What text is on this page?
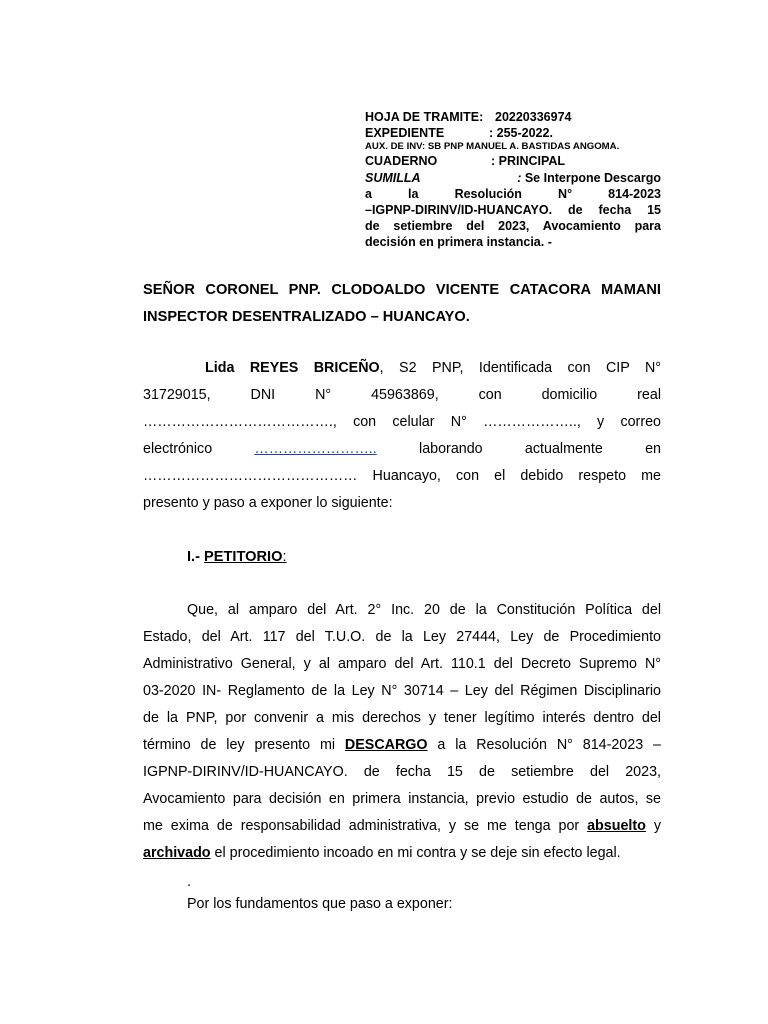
HOJA DE TRAMITE: 20220336974
EXPEDIENTE	: 255-2022.
AUX. DE INV: SB PNP MANUEL A. BASTIDAS ANGOMA.
CUADERNO	: PRINCIPAL
SUMILLA	: Se Interpone Descargo
a la Resolución N° 814-2023
–IGPNP-DIRINV/ID-HUANCAYO. de fecha 15
de setiembre del 2023, Avocamiento para
decisión en primera instancia. -
SEÑOR CORONEL PNP. CLODOALDO VICENTE CATACORA MAMANI
INSPECTOR DESENTRALIZADO – HUANCAYO.
Lida REYES BRICEÑO, S2 PNP, Identificada con CIP N°
31729015,	DNI	N°	45963869,	con	domicilio	real
…………………………………., con celular N° ……………….., y correo
electrónico	……………………..	laborando	actualmente	en
……………………………………… Huancayo, con el debido respeto me
presento y paso a exponer lo siguiente:
I.- PETITORIO:
Que, al amparo del Art. 2° Inc. 20 de la Constitución Política del
Estado, del Art. 117 del T.U.O. de la Ley 27444, Ley de Procedimiento
Administrativo General, y al amparo del Art. 110.1 del Decreto Supremo N°
03-2020 IN- Reglamento de la Ley N° 30714 – Ley del Régimen Disciplinario
de la PNP, por convenir a mis derechos y tener legítimo interés dentro del
término de ley presento mi DESCARGO a la Resolución N° 814-2023 –
IGPNP-DIRINV/ID-HUANCAYO. de fecha 15 de setiembre del 2023,
Avocamiento para decisión en primera instancia, previo estudio de autos, se
me exima de responsabilidad administrativa, y se me tenga por absuelto y
archivado el procedimiento incoado en mi contra y se deje sin efecto legal.
.
Por los fundamentos que paso a exponer:
